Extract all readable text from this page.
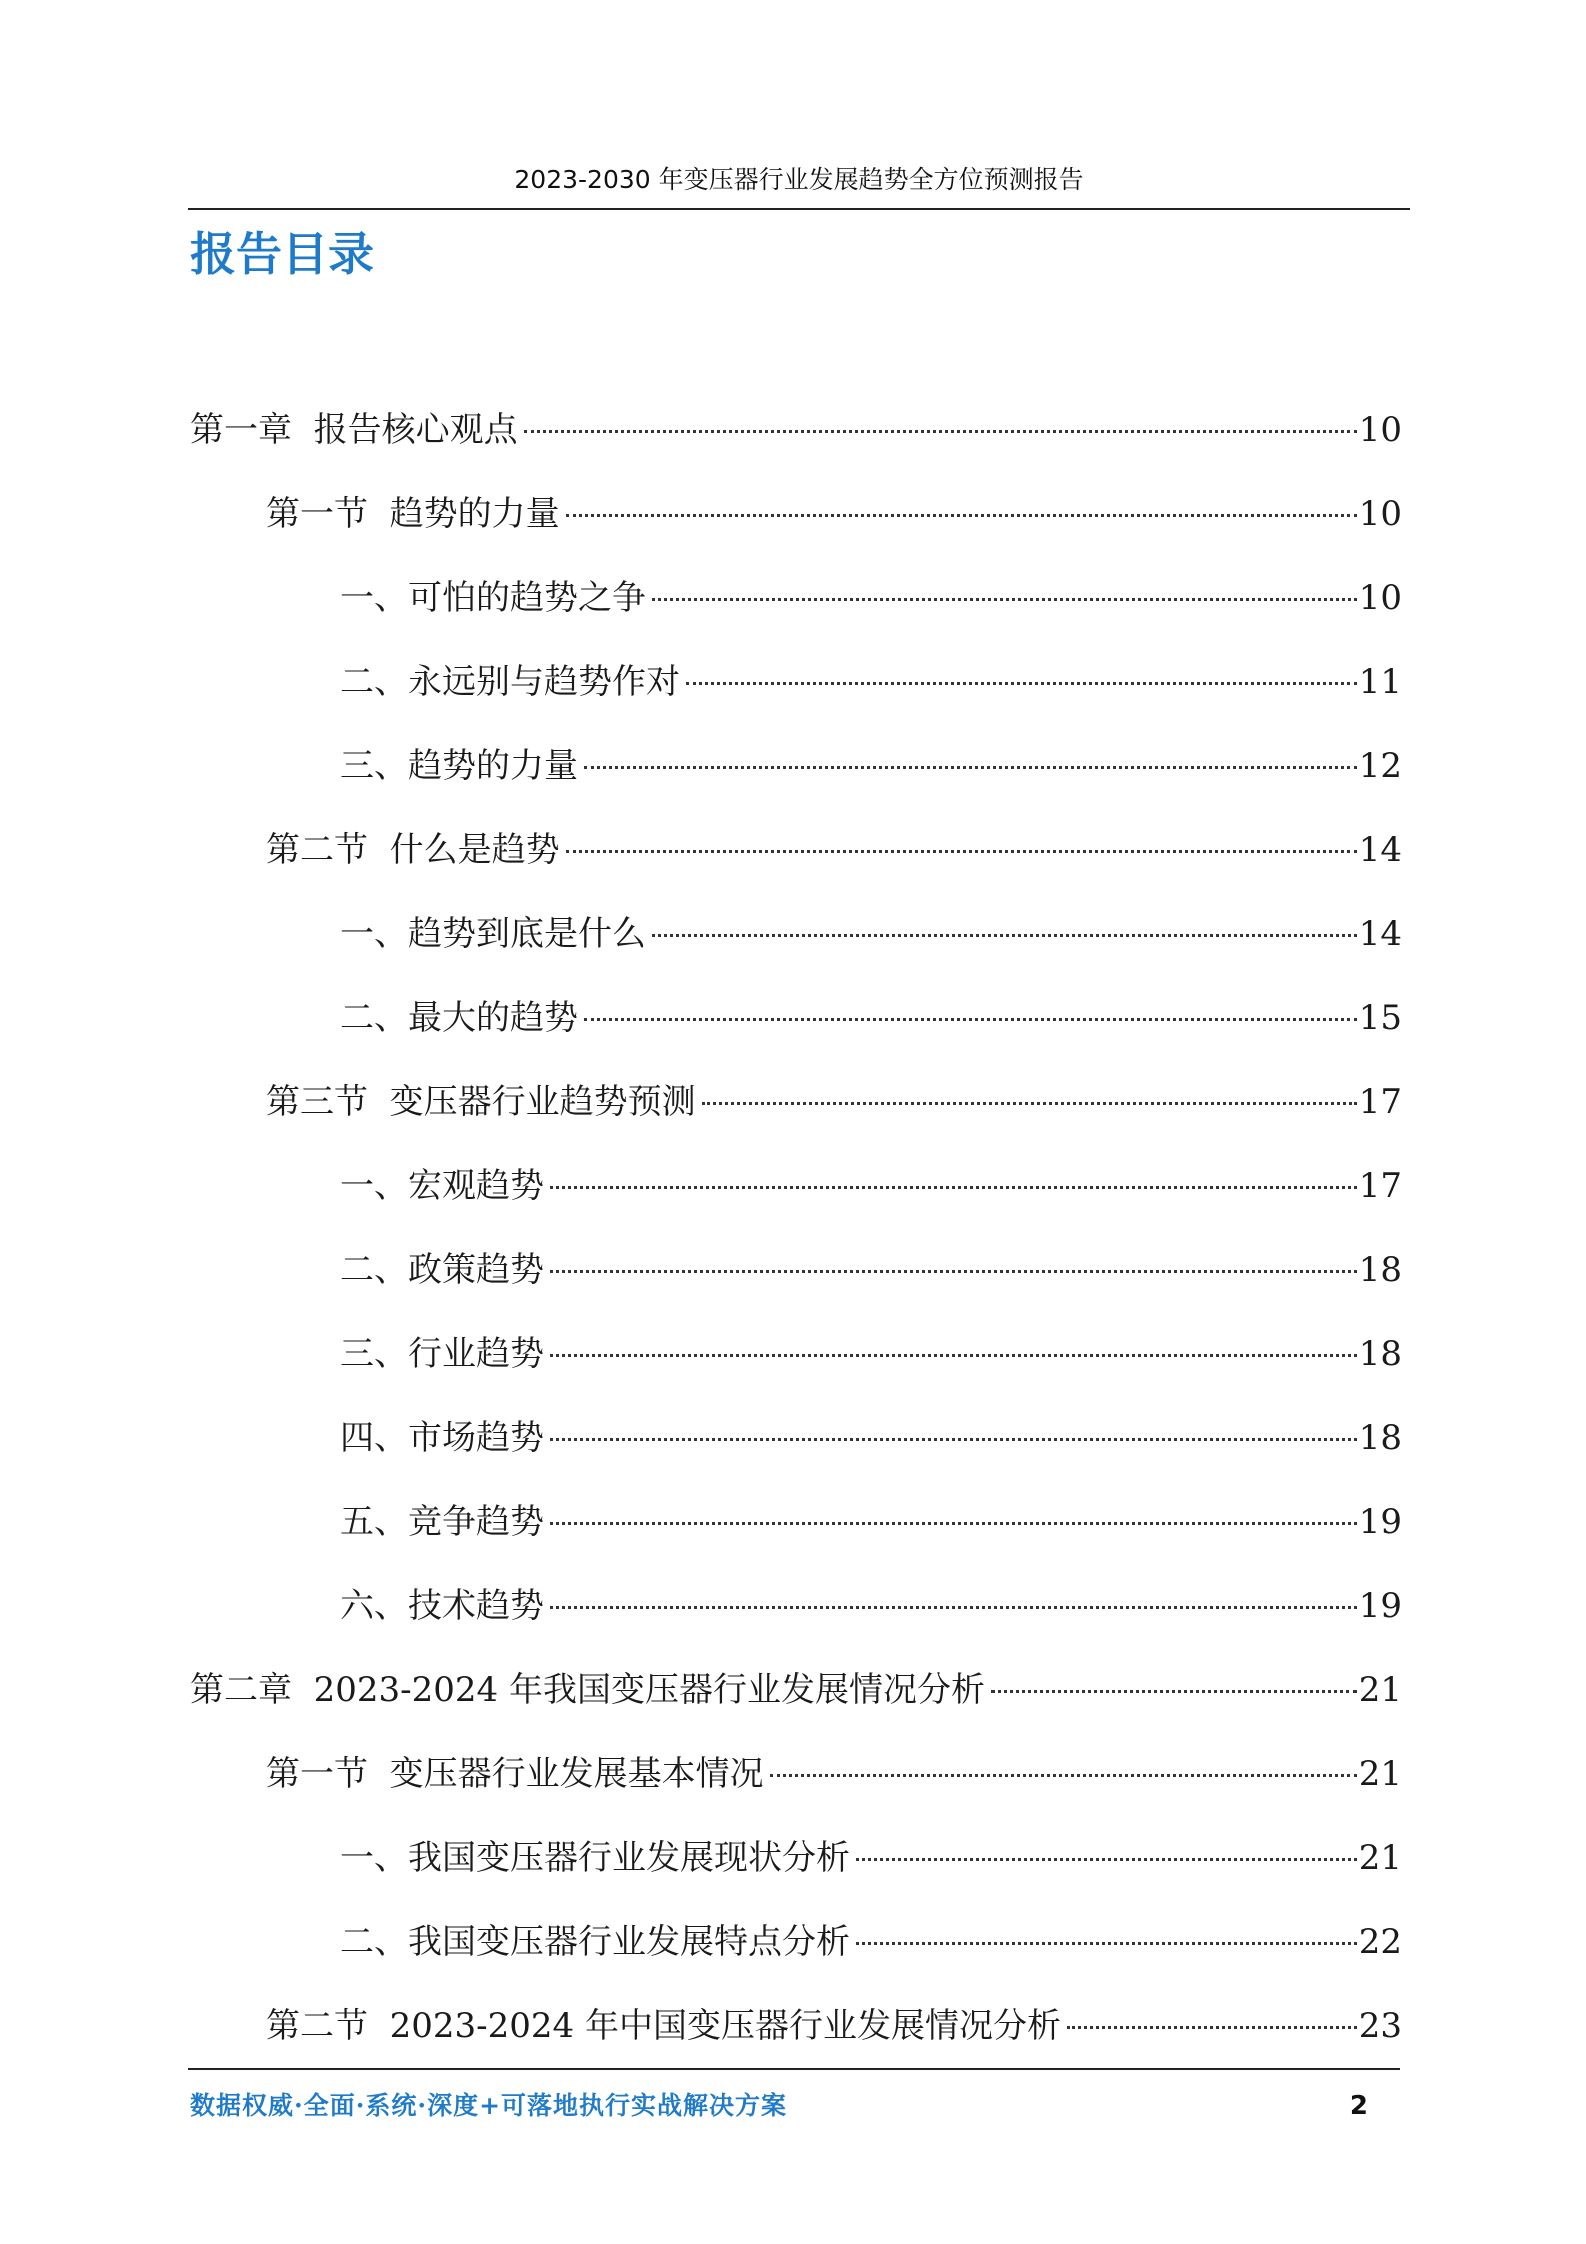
2023-2030 年变压器行业发展趋势全方位预测报告
报告目录
第一章  报告核心观点	10
第一节  趋势的力量	10
一、可怕的趋势之争	10
二、永远别与趋势作对	11
三、趋势的力量	12
第二节  什么是趋势	14
一、趋势到底是什么	14
二、最大的趋势	15
第三节  变压器行业趋势预测	17
一、宏观趋势	17
二、政策趋势	18
三、行业趋势	18
四、市场趋势	18
五、竞争趋势	19
六、技术趋势	19
第二章  2023-2024 年我国变压器行业发展情况分析	21
第一节  变压器行业发展基本情况	21
一、我国变压器行业发展现状分析	21
二、我国变压器行业发展特点分析	22
第二节  2023-2024 年中国变压器行业发展情况分析	23
数据权威·全面·系统·深度+可落地执行实战解决方案	2
